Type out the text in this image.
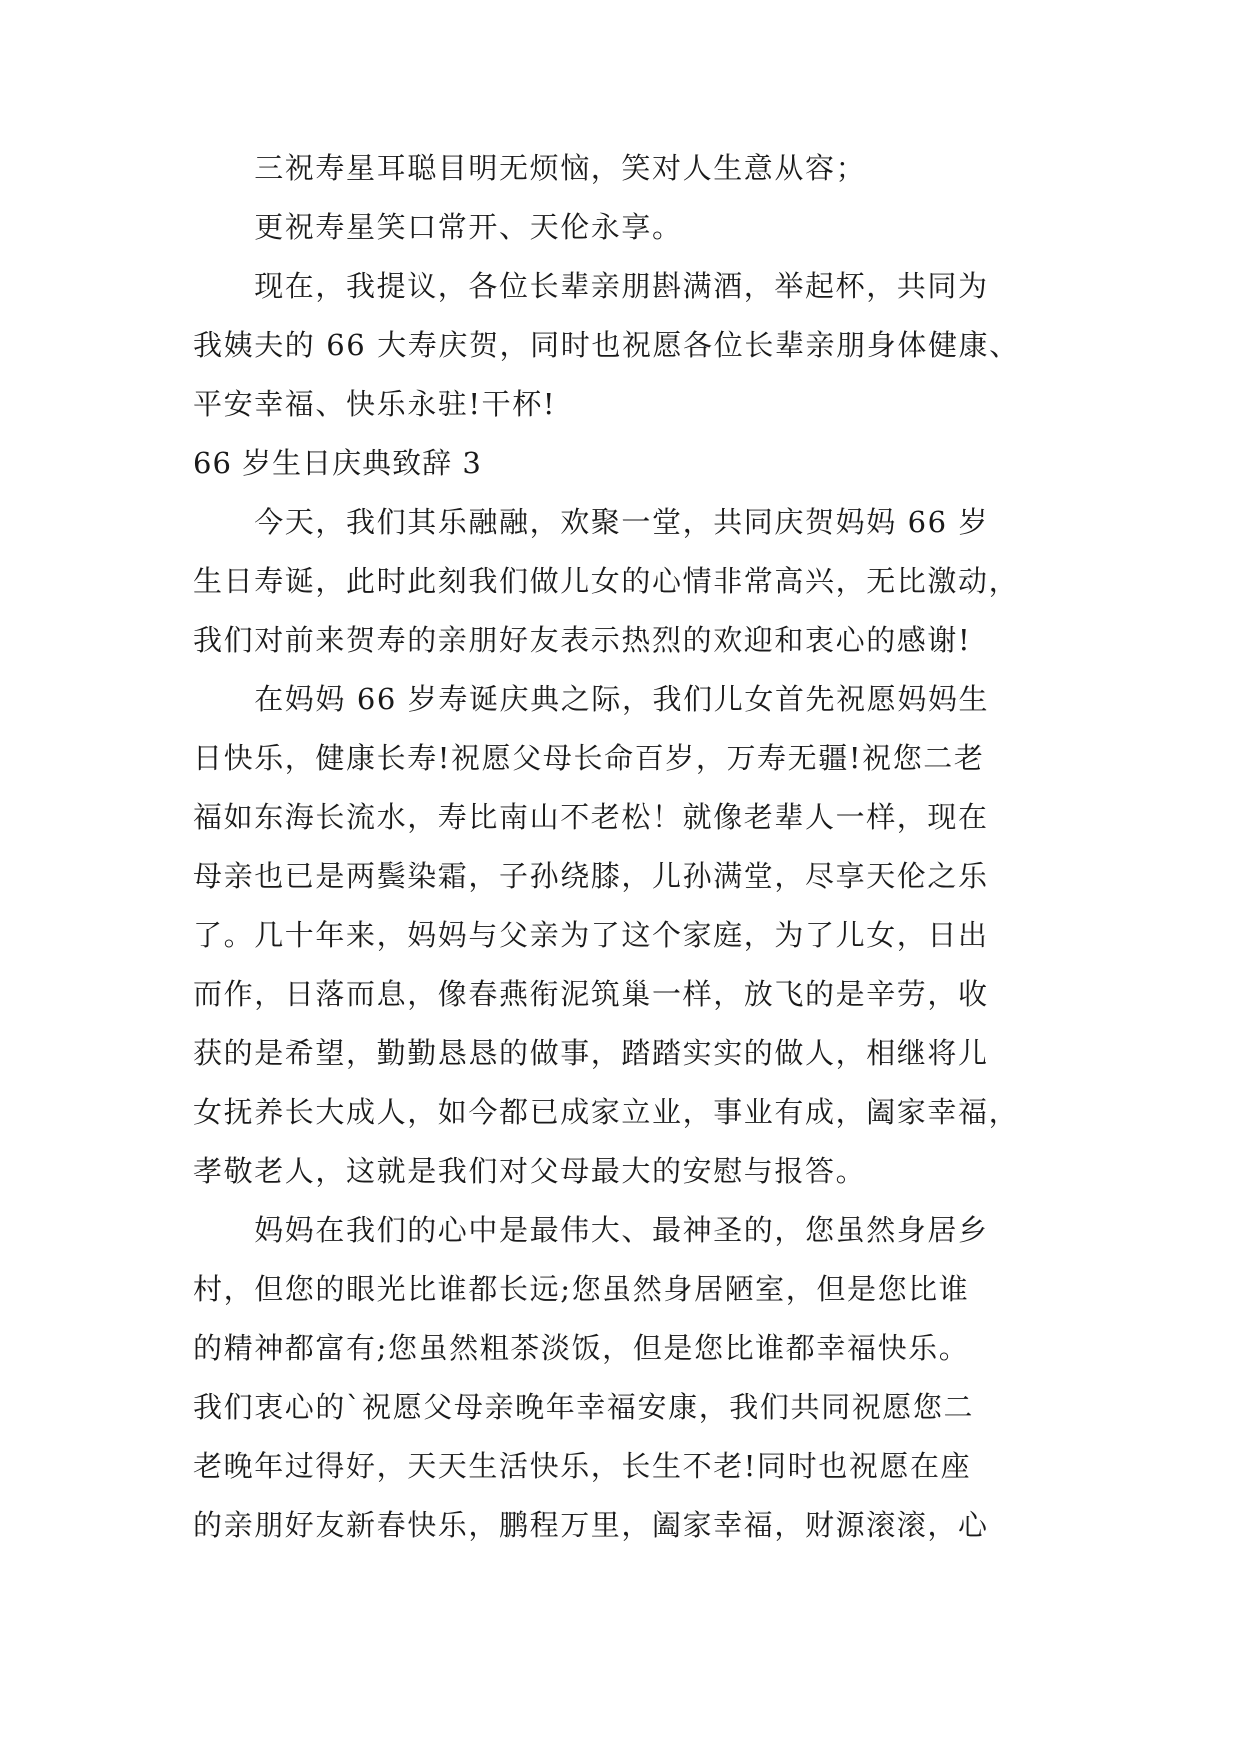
　　三祝寿星耳聪目明无烦恼，笑对人生意从容；
　　更祝寿星笑口常开、天伦永享。
　　现在，我提议，各位长辈亲朋斟满酒，举起杯，共同为
我姨夫的 66 大寿庆贺，同时也祝愿各位长辈亲朋身体健康、
平安幸福、快乐永驻!干杯!
66 岁生日庆典致辞 3
　　今天，我们其乐融融，欢聚一堂，共同庆贺妈妈 66 岁
生日寿诞，此时此刻我们做儿女的心情非常高兴，无比激动，
我们对前来贺寿的亲朋好友表示热烈的欢迎和衷心的感谢!
　　在妈妈 66 岁寿诞庆典之际，我们儿女首先祝愿妈妈生
日快乐，健康长寿!祝愿父母长命百岁，万寿无疆!祝您二老
福如东海长流水，寿比南山不老松！就像老辈人一样，现在
母亲也已是两鬓染霜，子孙绕膝，儿孙满堂，尽享天伦之乐
了。几十年来，妈妈与父亲为了这个家庭，为了儿女，日出
而作，日落而息，像春燕衔泥筑巢一样，放飞的是辛劳，收
获的是希望，勤勤恳恳的做事，踏踏实实的做人，相继将儿
女抚养长大成人，如今都已成家立业，事业有成，阖家幸福，
孝敬老人，这就是我们对父母最大的安慰与报答。
　　妈妈在我们的心中是最伟大、最神圣的，您虽然身居乡
村，但您的眼光比谁都长远;您虽然身居陋室，但是您比谁
的精神都富有;您虽然粗茶淡饭，但是您比谁都幸福快乐。
我们衷心的`祝愿父母亲晚年幸福安康，我们共同祝愿您二
老晚年过得好，天天生活快乐，长生不老!同时也祝愿在座
的亲朋好友新春快乐，鹏程万里，阖家幸福，财源滚滚，心
